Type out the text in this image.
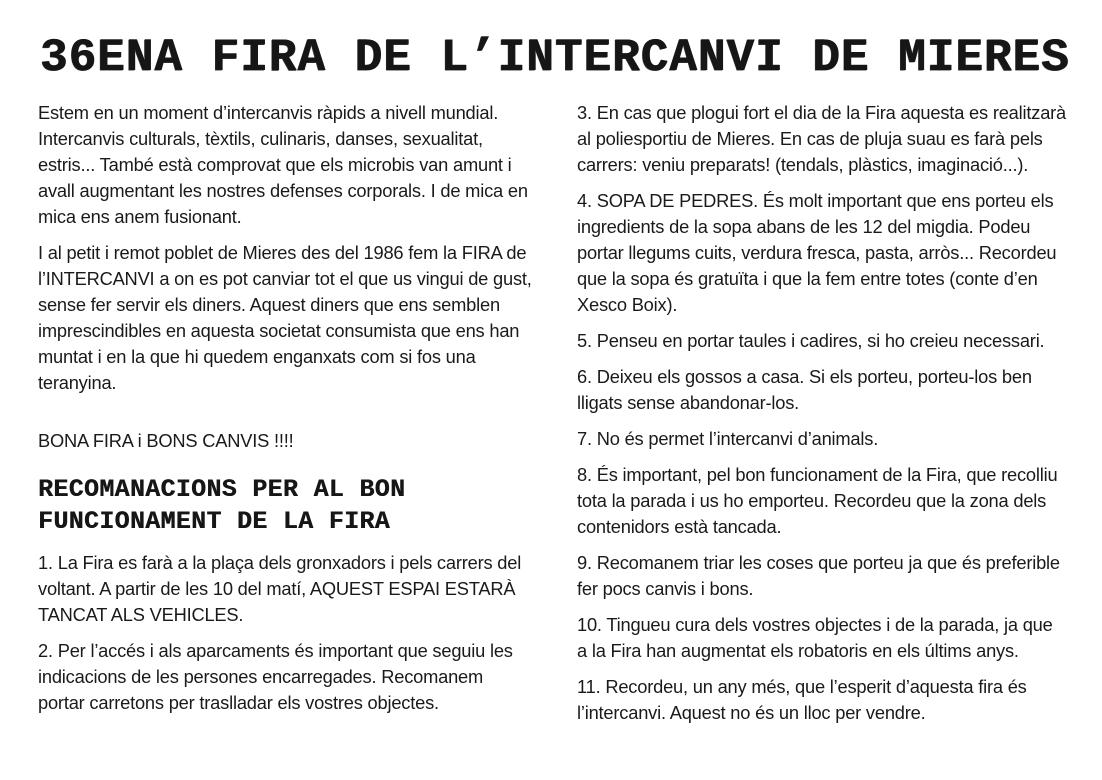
36ENA FIRA DE L’INTERCANVI DE MIERES

Estem en un moment d’intercanvis ràpids a nivell mundial. Intercanvis culturals, tèxtils, culinaris, danses, sexualitat, estris... També està comprovat que els microbis van amunt i avall augmentant les nostres defenses corporals. I de mica en mica ens anem fusionant.

I al petit i remot poblet de Mieres des del 1986 fem la FIRA de l’INTERCANVI a on es pot canviar tot el que us vingui de gust, sense fer servir els diners. Aquest diners que ens semblen imprescindibles en aquesta societat consumista que ens han muntat i en la que hi quedem enganxats com si fos una teranyina.

BONA FIRA i BONS CANVIS !!!!

RECOMANACIONS PER AL BON
FUNCIONAMENT DE LA FIRA

1. La Fira es farà a la plaça dels gronxadors i pels carrers del voltant. A partir de les 10 del matí, AQUEST ESPAI ESTARÀ TANCAT ALS VEHICLES.

2. Per l’accés i als aparcaments és important que seguiu les indicacions de les persones encarregades. Recomanem portar carretons per traslladar els vostres objectes.

3. En cas que plogui fort el dia de la Fira aquesta es realitzarà al poliesportiu de Mieres. En cas de pluja suau es farà pels carrers: veniu preparats! (tendals, plàstics, imaginació...).

4. SOPA DE PEDRES. És molt important que ens porteu els ingredients de la sopa abans de les 12 del migdia. Podeu portar llegums cuits, verdura fresca, pasta, arròs... Recordeu que la sopa és gratuïta i que la fem entre totes (conte d’en Xesco Boix).

5. Penseu en portar taules i cadires, si ho creieu necessari.

6. Deixeu els gossos a casa. Si els porteu, porteu-los ben lligats sense abandonar-los.

7. No és permet l’intercanvi d’animals.

8. És important, pel bon funcionament de la Fira, que recolliu tota la parada i us ho emporteu. Recordeu que la zona dels contenidors està tancada.

9. Recomanem triar les coses que porteu ja que és preferible fer pocs canvis i bons.

10. Tingueu cura dels vostres objectes i de la parada, ja que a la Fira han augmentat els robatoris en els últims anys.

11. Recordeu, un any més, que l’esperit d’aquesta fira és l’intercanvi. Aquest no és un lloc per vendre.
